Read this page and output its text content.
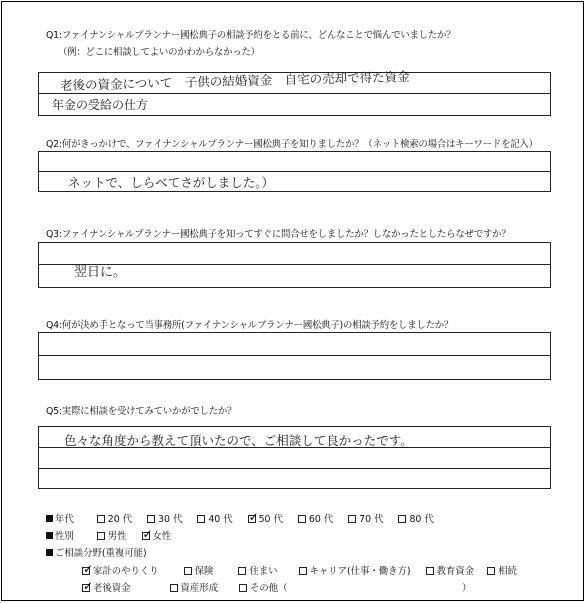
Q1:ファイナンシャルプランナー國松典子の相談予約をとる前に、どんなことで悩んでいましたか？
（例：どこに相談してよいのかわからなかった）
老後の資金について　子供の結婚資金　自宅の売却で得た資金
年金の受給の仕方
Q2:何がきっかけで、ファイナンシャルプランナー國松典子を知りましたか？（ネット検索の場合はキーワードを記入）
ネットで、しらべてさがしました。）
Q3:ファイナンシャルプランナー國松典子を知ってすぐに問合せをしましたか？しなかったとしたらなぜですか？
翌日に。
Q4:何が決め手となって当事務所(ファイナンシャルプランナー國松典子)の相談予約をしましたか？
Q5:実際に相談を受けてみていかがでしたか？
色々な角度から教えて頂いたので、ご相談して良かったです。
年代	20 代	30 代	40 代 ✓	50 代	60 代	70 代	80 代
性別	男性 ✓	女性
ご相談分野(重複可能)
✓家計のやりくり	保険	住まい	キャリア(仕事・働き方)	教育資金	相続
✓老後資金	資産形成	その他（	）
